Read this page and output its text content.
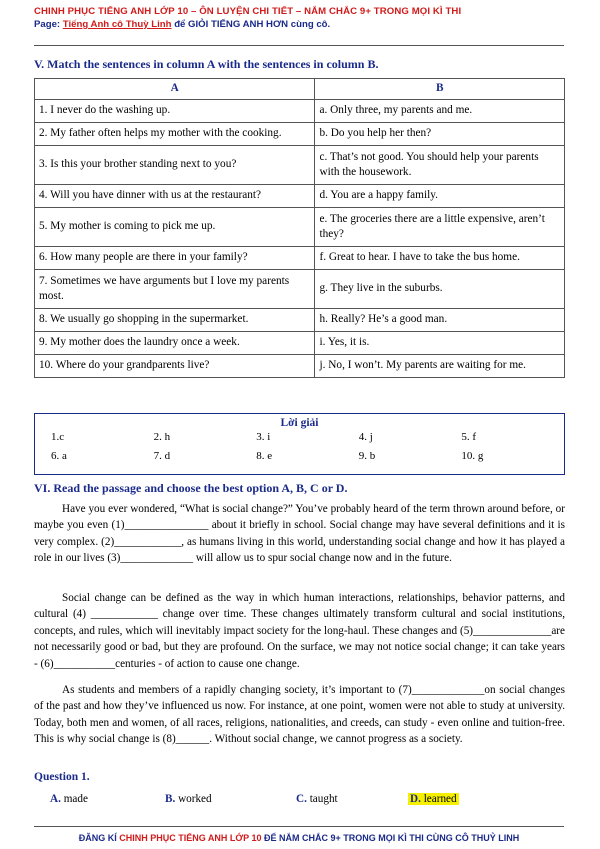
CHINH PHỤC TIẾNG ANH LỚP 10 – ÔN LUYỆN CHI TIẾT – NẮM CHẮC 9+ TRONG MỌI KÌ THI
Page: Tiếng Anh cô Thuỳ Linh để GIỎI TIẾNG ANH HƠN cùng cô.
V. Match the sentences in column A with the sentences in column B.
A	B
1. I never do the washing up.	a. Only three, my parents and me.
2. My father often helps my mother with the cooking.	b. Do you help her then?
3. Is this your brother standing next to you?	c. That’s not good. You should help your parents with the housework.
4. Will you have dinner with us at the restaurant?	d. You are a happy family.
5. My mother is coming to pick me up.	e. The groceries there are a little expensive, aren’t they?
6. How many people are there in your family?	f. Great to hear. I have to take the bus home.
7. Sometimes we have arguments but I love my parents most.	g. They live in the suburbs.
8. We usually go shopping in the supermarket.	h. Really? He’s a good man.
9. My mother does the laundry once a week.	i. Yes, it is.
10. Where do your grandparents live?	j. No, I won’t. My parents are waiting for me.
Lời giải
1.c	2. h	3. i	4. j	5. f
6. a	7. d	8. e	9. b	10. g
VI. Read the passage and choose the best option A, B, C or D.

Have you ever wondered, “What is social change?” You’ve probably heard of the term thrown around before, or maybe you even (1)_______________ about it briefly in school. Social change may have several definitions and it is very complex. (2)____________, as humans living in this world, understanding social change and how it has played a role in our lives (3)_____________ will allow us to spur social change now and in the future.

Social change can be defined as the way in which human interactions, relationships, behavior patterns, and cultural (4) ____________ change over time. These changes ultimately transform cultural and social institutions, concepts, and rules, which will inevitably impact society for the long-haul. These changes and (5)______________are not necessarily good or bad, but they are profound. On the surface, we may not notice social change; it can take years - (6)___________centuries - of action to cause one change.

As students and members of a rapidly changing society, it’s important to (7)_____________on social changes of the past and how they’ve influenced us now. For instance, at one point, women were not able to study at university. Today, both men and women, of all races, religions, nationalities, and creeds, can study - even online and tuition-free. This is why social change is (8)______. Without social change, we cannot progress as a society.

Question 1.
A. made	B. worked	C. taught	D. learned
ĐĂNG KÍ CHINH PHỤC TIẾNG ANH LỚP 10 ĐỂ NẮM CHẮC 9+ TRONG MỌI KÌ THI CÙNG CÔ THUỶ LINH
